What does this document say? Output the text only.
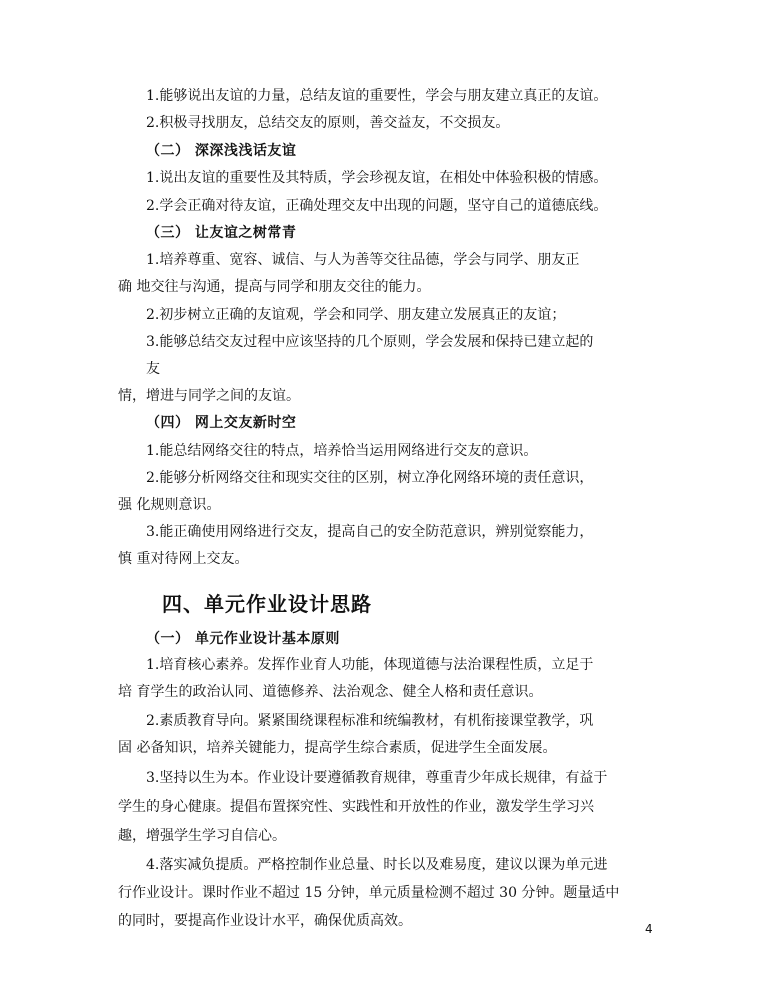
1.能够说出友谊的力量，总结友谊的重要性，学会与朋友建立真正的友谊。
2.积极寻找朋友，总结交友的原则，善交益友，不交损友。
（二） 深深浅浅话友谊
1.说出友谊的重要性及其特质，学会珍视友谊，在相处中体验积极的情感。
2.学会正确对待友谊，正确处理交友中出现的问题，坚守自己的道德底线。
（三） 让友谊之树常青
1.培养尊重、宽容、诚信、与人为善等交往品德，学会与同学、朋友正
确 地交往与沟通，提高与同学和朋友交往的能力。
2.初步树立正确的友谊观，学会和同学、朋友建立发展真正的友谊；
3.能够总结交友过程中应该坚持的几个原则，学会发展和保持已建立起的
友
情，增进与同学之间的友谊。
（四） 网上交友新时空
1.能总结网络交往的特点，培养恰当运用网络进行交友的意识。
2.能够分析网络交往和现实交往的区别，树立净化网络环境的责任意识，
强 化规则意识。
3.能正确使用网络进行交友，提高自己的安全防范意识，辨别觉察能力，
慎 重对待网上交友。
四、单元作业设计思路
（一） 单元作业设计基本原则
1.培育核心素养。发挥作业育人功能，体现道德与法治课程性质，立足于
培 育学生的政治认同、道德修养、法治观念、健全人格和责任意识。
2.素质教育导向。紧紧围绕课程标准和统编教材，有机衔接课堂教学，巩
固 必备知识，培养关键能力，提高学生综合素质，促进学生全面发展。
3.坚持以生为本。作业设计要遵循教育规律，尊重青少年成长规律，有益于
学生的身心健康。提倡布置探究性、实践性和开放性的作业，激发学生学习兴
趣，增强学生学习自信心。
4.落实减负提质。严格控制作业总量、时长以及难易度，建议以课为单元进
行作业设计。课时作业不超过 15 分钟，单元质量检测不超过 30 分钟。题量适中
的同时，要提高作业设计水平，确保优质高效。	4
